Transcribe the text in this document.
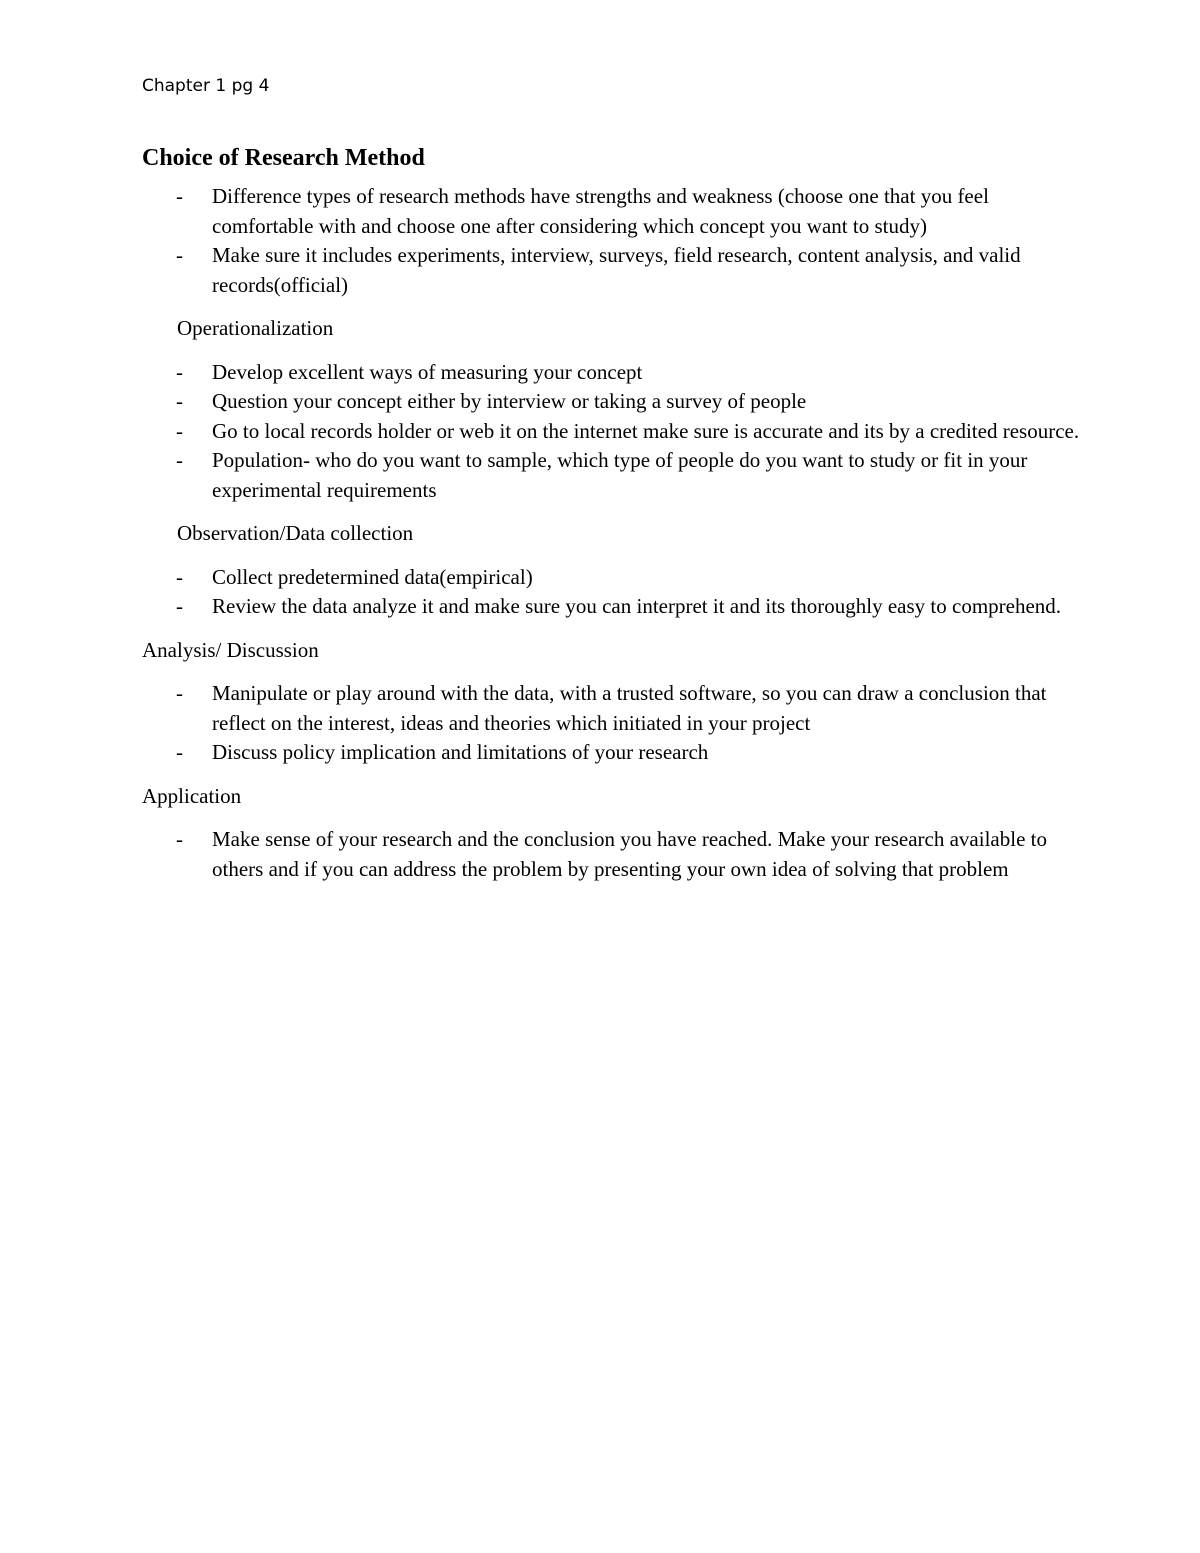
Chapter 1 pg 4
Choice of Research Method
- Difference types of research methods have strengths and weakness (choose one that you feel comfortable with and choose one after considering which concept you want to study)
- Make sure it includes experiments, interview, surveys, field research, content analysis, and valid records(official)

Operationalization

- Develop excellent ways of measuring your concept
- Question your concept either by interview or taking a survey of people
- Go to local records holder or web it on the internet make sure is accurate and its by a credited resource.
- Population- who do you want to sample, which type of people do you want to study or fit in your experimental requirements

Observation/Data collection

- Collect predetermined data(empirical)
- Review the data analyze it and make sure you can interpret it and its thoroughly easy to comprehend.

Analysis/ Discussion

- Manipulate or play around with the data, with a trusted software, so you can draw a conclusion that reflect on the interest, ideas and theories which initiated in your project
- Discuss policy implication and limitations of your research

Application

- Make sense of your research and the conclusion you have reached. Make your research available to others and if you can address the problem by presenting your own idea of solving that problem
